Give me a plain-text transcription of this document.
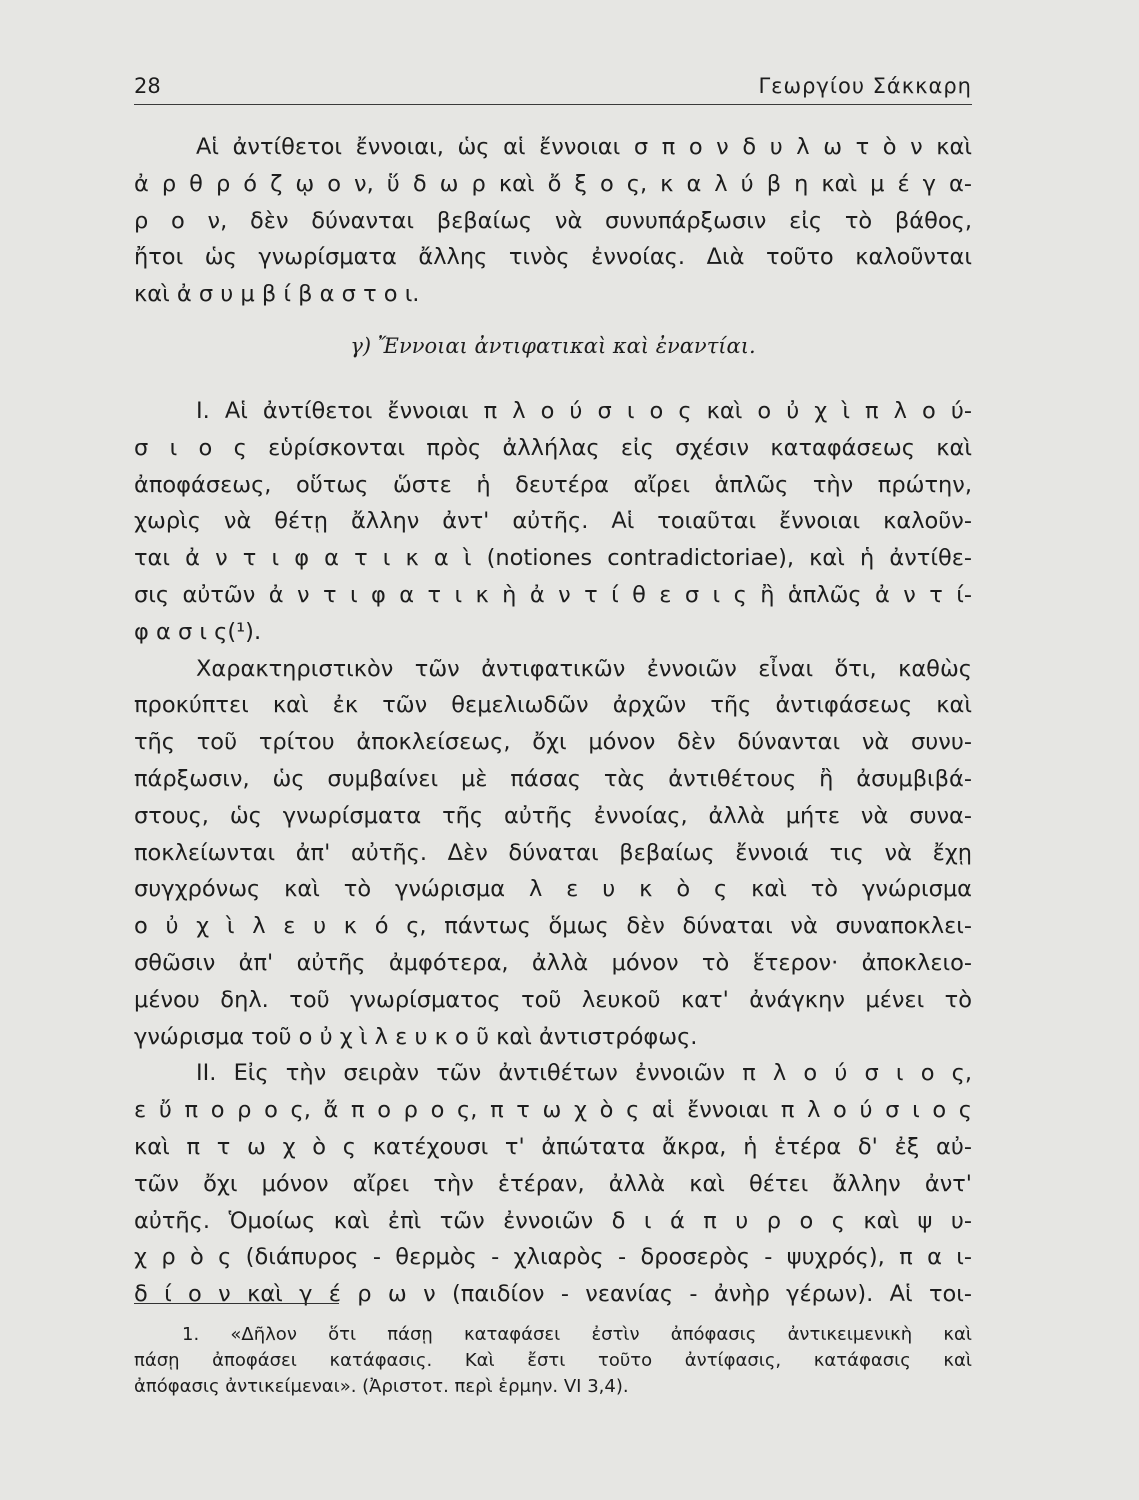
28	Γεωργίου Σάκκαρη
Αἱ ἀντίθετοι ἔννοιαι, ὡς αἱ ἔννοιαι σ π ο ν δ υ λ ω τ ὸ ν καὶ
ἀ ρ θ ρ ό ζ ῳ ο ν, ὕ δ ω ρ καὶ ὄ ξ ο ς, κ α λ ύ β η καὶ μ έ γ α-
ρ ο ν, δὲν δύνανται βεβαίως νὰ συνυπάρξωσιν εἰς τὸ βάθος,
ἤτοι ὡς γνωρίσματα ἄλλης τινὸς ἐννοίας. Διὰ τοῦτο καλοῦνται
καὶ ἀ σ υ μ β ί β α σ τ ο ι.
γ) Ἔννοιαι ἀντιφατικαὶ καὶ ἐναντίαι.
I. Αἱ ἀντίθετοι ἔννοιαι π λ ο ύ σ ι ο ς καὶ ο ὐ χ ὶ π λ ο ύ-
σ ι ο ς εὑρίσκονται πρὸς ἀλλήλας εἰς σχέσιν καταφάσεως καὶ
ἀποφάσεως, οὕτως ὥστε ἡ δευτέρα αἴρει ἁπλῶς τὴν πρώτην,
χωρὶς νὰ θέτῃ ἄλλην ἀντ' αὐτῆς. Αἱ τοιαῦται ἔννοιαι καλοῦν-
ται ἀ ν τ ι φ α τ ι κ α ὶ (notiones contradictoriae), καὶ ἡ ἀντίθε-
σις αὐτῶν ἀ ν τ ι φ α τ ι κ ὴ ἀ ν τ ί θ ε σ ι ς ἢ ἁπλῶς ἀ ν τ ί-
φ α σ ι ς(¹).
Χαρακτηριστικὸν τῶν ἀντιφατικῶν ἐννοιῶν εἶναι ὅτι, καθὼς
προκύπτει καὶ ἐκ τῶν θεμελιωδῶν ἀρχῶν τῆς ἀντιφάσεως καὶ
τῆς τοῦ τρίτου ἀποκλείσεως, ὄχι μόνον δὲν δύνανται νὰ συνυ-
πάρξωσιν, ὡς συμβαίνει μὲ πάσας τὰς ἀντιθέτους ἢ ἀσυμβιβά-
στους, ὡς γνωρίσματα τῆς αὐτῆς ἐννοίας, ἀλλὰ μήτε νὰ συνα-
ποκλείωνται ἀπ' αὐτῆς. Δὲν δύναται βεβαίως ἔννοιά τις νὰ ἔχῃ
συγχρόνως καὶ τὸ γνώρισμα λ ε υ κ ὸ ς καὶ τὸ γνώρισμα
ο ὐ χ ὶ λ ε υ κ ό ς, πάντως ὅμως δὲν δύναται νὰ συναποκλει-
σθῶσιν ἀπ' αὐτῆς ἀμφότερα, ἀλλὰ μόνον τὸ ἕτερον· ἀποκλειο-
μένου δηλ. τοῦ γνωρίσματος τοῦ λευκοῦ κατ' ἀνάγκην μένει τὸ
γνώρισμα τοῦ ο ὐ χ ὶ λ ε υ κ ο ῦ καὶ ἀντιστρόφως.
II. Εἰς τὴν σειρὰν τῶν ἀντιθέτων ἐννοιῶν π λ ο ύ σ ι ο ς,
ε ὔ π ο ρ ο ς, ἄ π ο ρ ο ς, π τ ω χ ὸ ς αἱ ἔννοιαι π λ ο ύ σ ι ο ς
καὶ π τ ω χ ὸ ς κατέχουσι τ' ἀπώτατα ἄκρα, ἡ ἑτέρα δ' ἐξ αὐ-
τῶν ὄχι μόνον αἴρει τὴν ἑτέραν, ἀλλὰ καὶ θέτει ἄλλην ἀντ'
αὐτῆς. Ὁμοίως καὶ ἐπὶ τῶν ἐννοιῶν δ ι ά π υ ρ ο ς καὶ ψ υ-
χ ρ ὸ ς (διάπυρος - θερμὸς - χλιαρὸς - δροσερὸς - ψυχρός), π α ι-
δ ί ο ν καὶ γ έ ρ ω ν (παιδίον - νεανίας - ἀνὴρ γέρων). Αἱ τοι-
1. «Δῆλον ὅτι πάσῃ καταφάσει ἐστὶν ἀπόφασις ἀντικειμενικὴ καὶ
πάσῃ ἀποφάσει κατάφασις. Καὶ ἔστι τοῦτο ἀντίφασις, κατάφασις καὶ
ἀπόφασις ἀντικείμεναι». (Ἀριστοτ. περὶ ἑρμην. VI 3,4).
